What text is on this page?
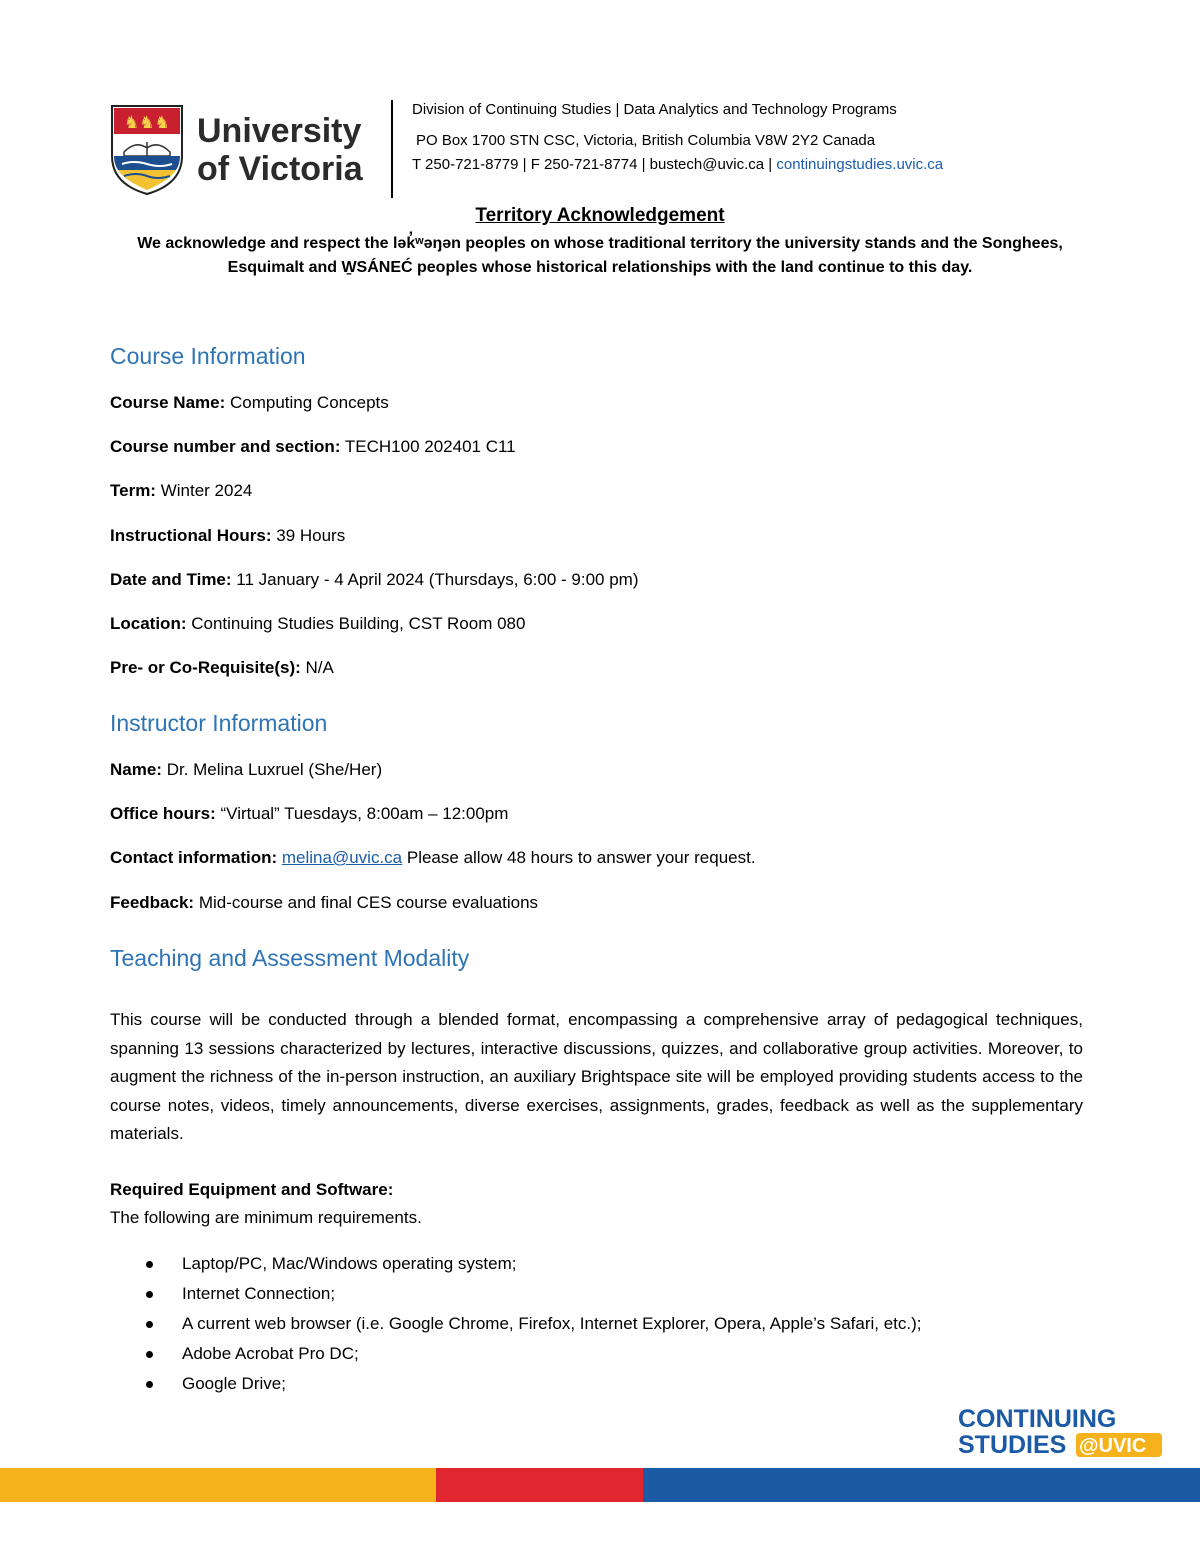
♞♞♞ University
of Victoria
Division of Continuing Studies | Data Analytics and Technology Programs
PO Box 1700 STN CSC, Victoria, British Columbia V8W 2Y2 Canada
T 250-721-8779 | F 250-721-8774 | bustech@uvic.ca | continuingstudies.uvic.ca
Territory Acknowledgement
We acknowledge and respect the lək̓ʷəŋən peoples on whose traditional territory the university stands and the Songhees,
Esquimalt and W̱SÁNEĆ peoples whose historical relationships with the land continue to this day.
Course Information
Course Name: Computing Concepts
Course number and section: TECH100 202401 C11
Term: Winter 2024
Instructional Hours: 39 Hours
Date and Time: 11 January - 4 April 2024 (Thursdays, 6:00 - 9:00 pm)
Location: Continuing Studies Building, CST Room 080
Pre- or Co-Requisite(s): N/A
Instructor Information
Name: Dr. Melina Luxruel (She/Her)
Office hours: “Virtual” Tuesdays, 8:00am – 12:00pm
Contact information: melina@uvic.ca Please allow 48 hours to answer your request.
Feedback: Mid-course and final CES course evaluations
Teaching and Assessment Modality
This course will be conducted through a blended format, encompassing a comprehensive array of pedagogical techniques, spanning 13 sessions characterized by lectures, interactive discussions, quizzes, and collaborative group activities. Moreover, to augment the richness of the in-person instruction, an auxiliary Brightspace site will be employed providing students access to the course notes, videos, timely announcements, diverse exercises, assignments, grades, feedback as well as the supplementary materials.
Required Equipment and Software:
The following are minimum requirements.
Laptop/PC, Mac/Windows operating system;
Internet Connection;
A current web browser (i.e. Google Chrome, Firefox, Internet Explorer, Opera, Apple’s Safari, etc.);
Adobe Acrobat Pro DC;
Google Drive;
CONTINUING
STUDIES @UVIC
